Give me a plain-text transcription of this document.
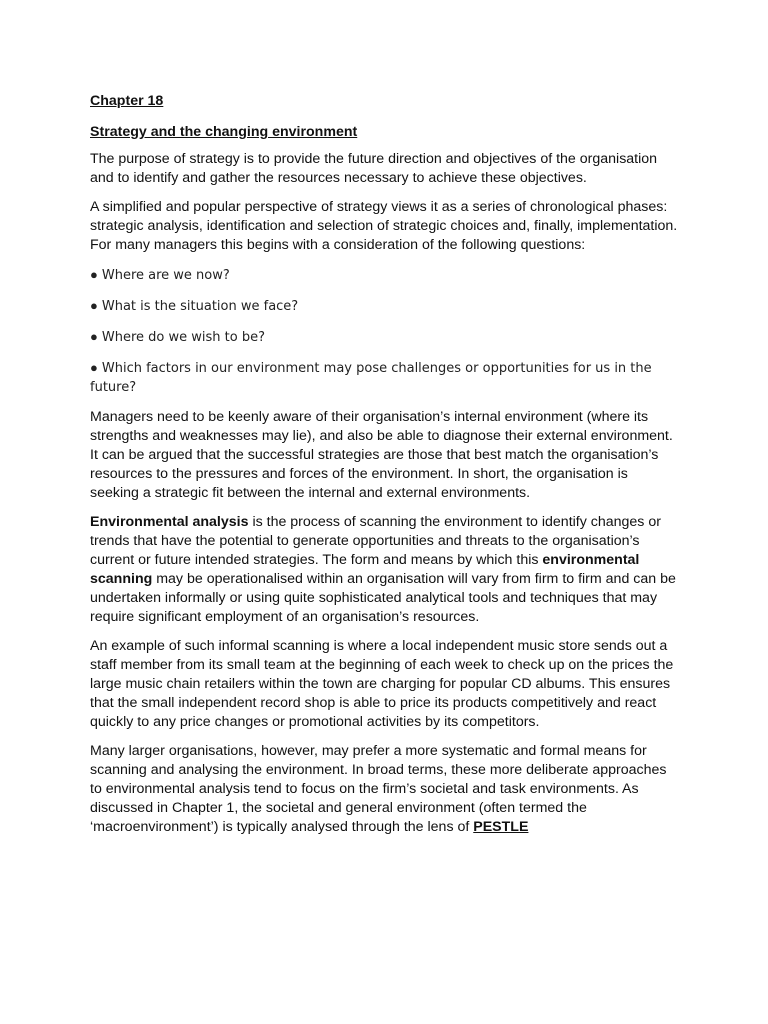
Chapter 18

Strategy and the changing environment

The purpose of strategy is to provide the future direction and objectives of the organisation and to identify and gather the resources necessary to achieve these objectives.

A simplified and popular perspective of strategy views it as a series of chronological phases: strategic analysis, identification and selection of strategic choices and, finally, implementation. For many managers this begins with a consideration of the following questions:

● Where are we now?

● What is the situation we face?

● Where do we wish to be?

● Which factors in our environment may pose challenges or opportunities for us in the future?

Managers need to be keenly aware of their organisation’s internal environment (where its strengths and weaknesses may lie), and also be able to diagnose their external environment. It can be argued that the successful strategies are those that best match the organisation’s resources to the pressures and forces of the environment. In short, the organisation is seeking a strategic fit between the internal and external environments.

Environmental analysis is the process of scanning the environment to identify changes or trends that have the potential to generate opportunities and threats to the organisation’s current or future intended strategies. The form and means by which this environmental scanning may be operationalised within an organisation will vary from firm to firm and can be undertaken informally or using quite sophisticated analytical tools and techniques that may require significant employment of an organisation’s resources.

An example of such informal scanning is where a local independent music store sends out a staff member from its small team at the beginning of each week to check up on the prices the large music chain retailers within the town are charging for popular CD albums. This ensures that the small independent record shop is able to price its products competitively and react quickly to any price changes or promotional activities by its competitors.

Many larger organisations, however, may prefer a more systematic and formal means for scanning and analysing the environment. In broad terms, these more deliberate approaches to environmental analysis tend to focus on the firm’s societal and task environments. As discussed in Chapter 1, the societal and general environment (often termed the ‘macroenvironment’) is typically analysed through the lens of PESTLE
